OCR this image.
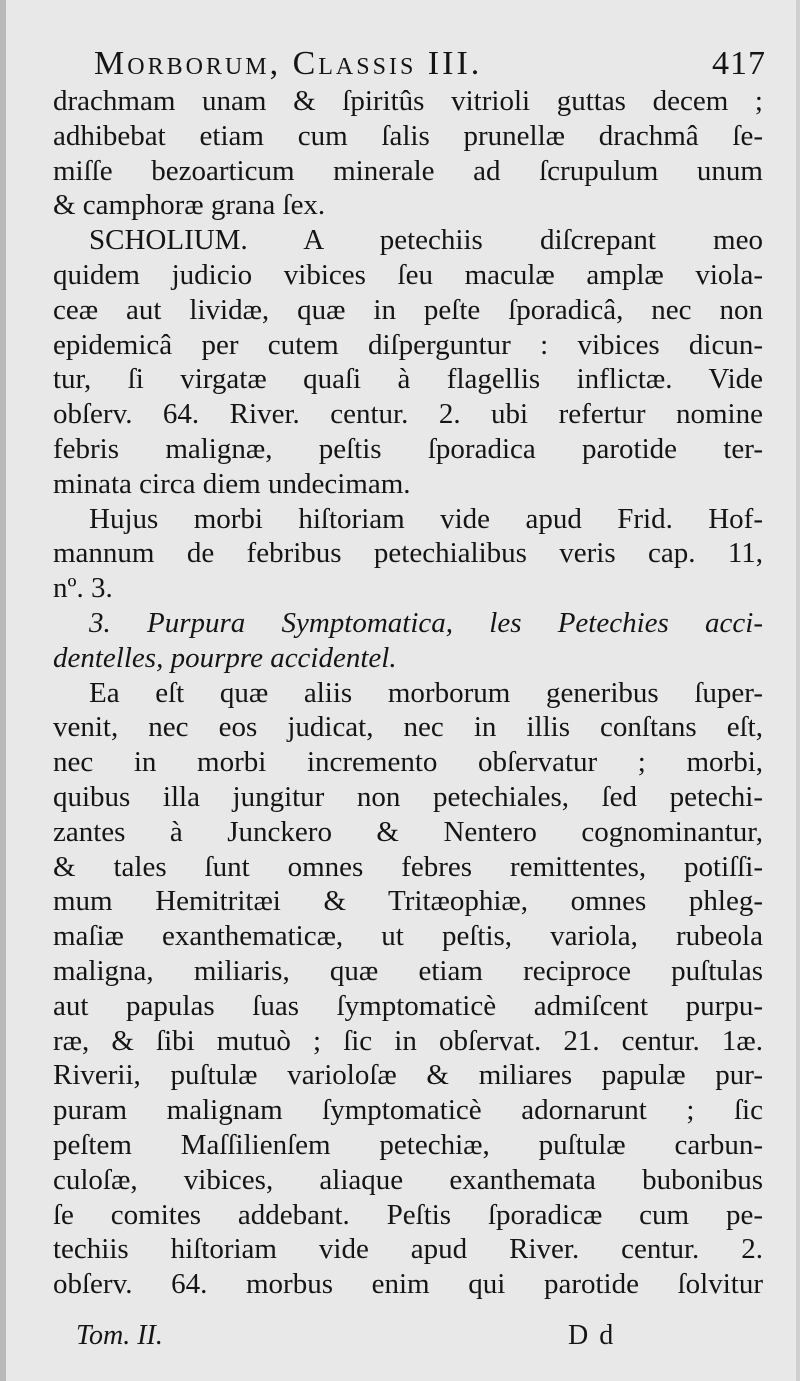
Morborum, Classis III.	417
drachmam unam & ſpiritûs vitrioli guttas decem ;
adhibebat etiam cum ſalis prunellæ drachmâ ſe-
miſſe bezoarticum minerale ad ſcrupulum unum
& camphoræ grana ſex.
SCHOLIUM. A petechiis diſcrepant meo
quidem judicio vibices ſeu maculæ amplæ viola-
ceæ aut lividæ, quæ in peſte ſporadicâ, nec non
epidemicâ per cutem diſperguntur : vibices dicun-
tur, ſi virgatæ quaſi à flagellis inflictæ. Vide
obſerv. 64. River. centur. 2. ubi refertur nomine
febris malignæ, peſtis ſporadica parotide ter-
minata circa diem undecimam.
Hujus morbi hiſtoriam vide apud Frid. Hof-
mannum de febribus petechialibus veris cap. 11,
nº. 3.
3. Purpura Symptomatica, les Petechies acci-
dentelles, pourpre accidentel.
Ea eſt quæ aliis morborum generibus ſuper-
venit, nec eos judicat, nec in illis conſtans eſt,
nec in morbi incremento obſervatur ; morbi,
quibus illa jungitur non petechiales, ſed petechi-
zantes à Junckero & Nentero cognominantur,
& tales ſunt omnes febres remittentes, potiſſi-
mum Hemitritæi & Tritæophiæ, omnes phleg-
maſiæ exanthematicæ, ut peſtis, variola, rubeola
maligna, miliaris, quæ etiam reciproce puſtulas
aut papulas ſuas ſymptomaticè admiſcent purpu-
ræ, & ſibi mutuò ; ſic in obſervat. 21. centur. 1æ.
Riverii, puſtulæ varioloſæ & miliares papulæ pur-
puram malignam ſymptomaticè adornarunt ; ſic
peſtem Maſſilienſem petechiæ, puſtulæ carbun-
culoſæ, vibices, aliaque exanthemata bubonibus
ſe comites addebant. Peſtis ſporadicæ cum pe-
techiis hiſtoriam vide apud River. centur. 2.
obſerv. 64. morbus enim qui parotide ſolvitur
Tom. II.	D d
